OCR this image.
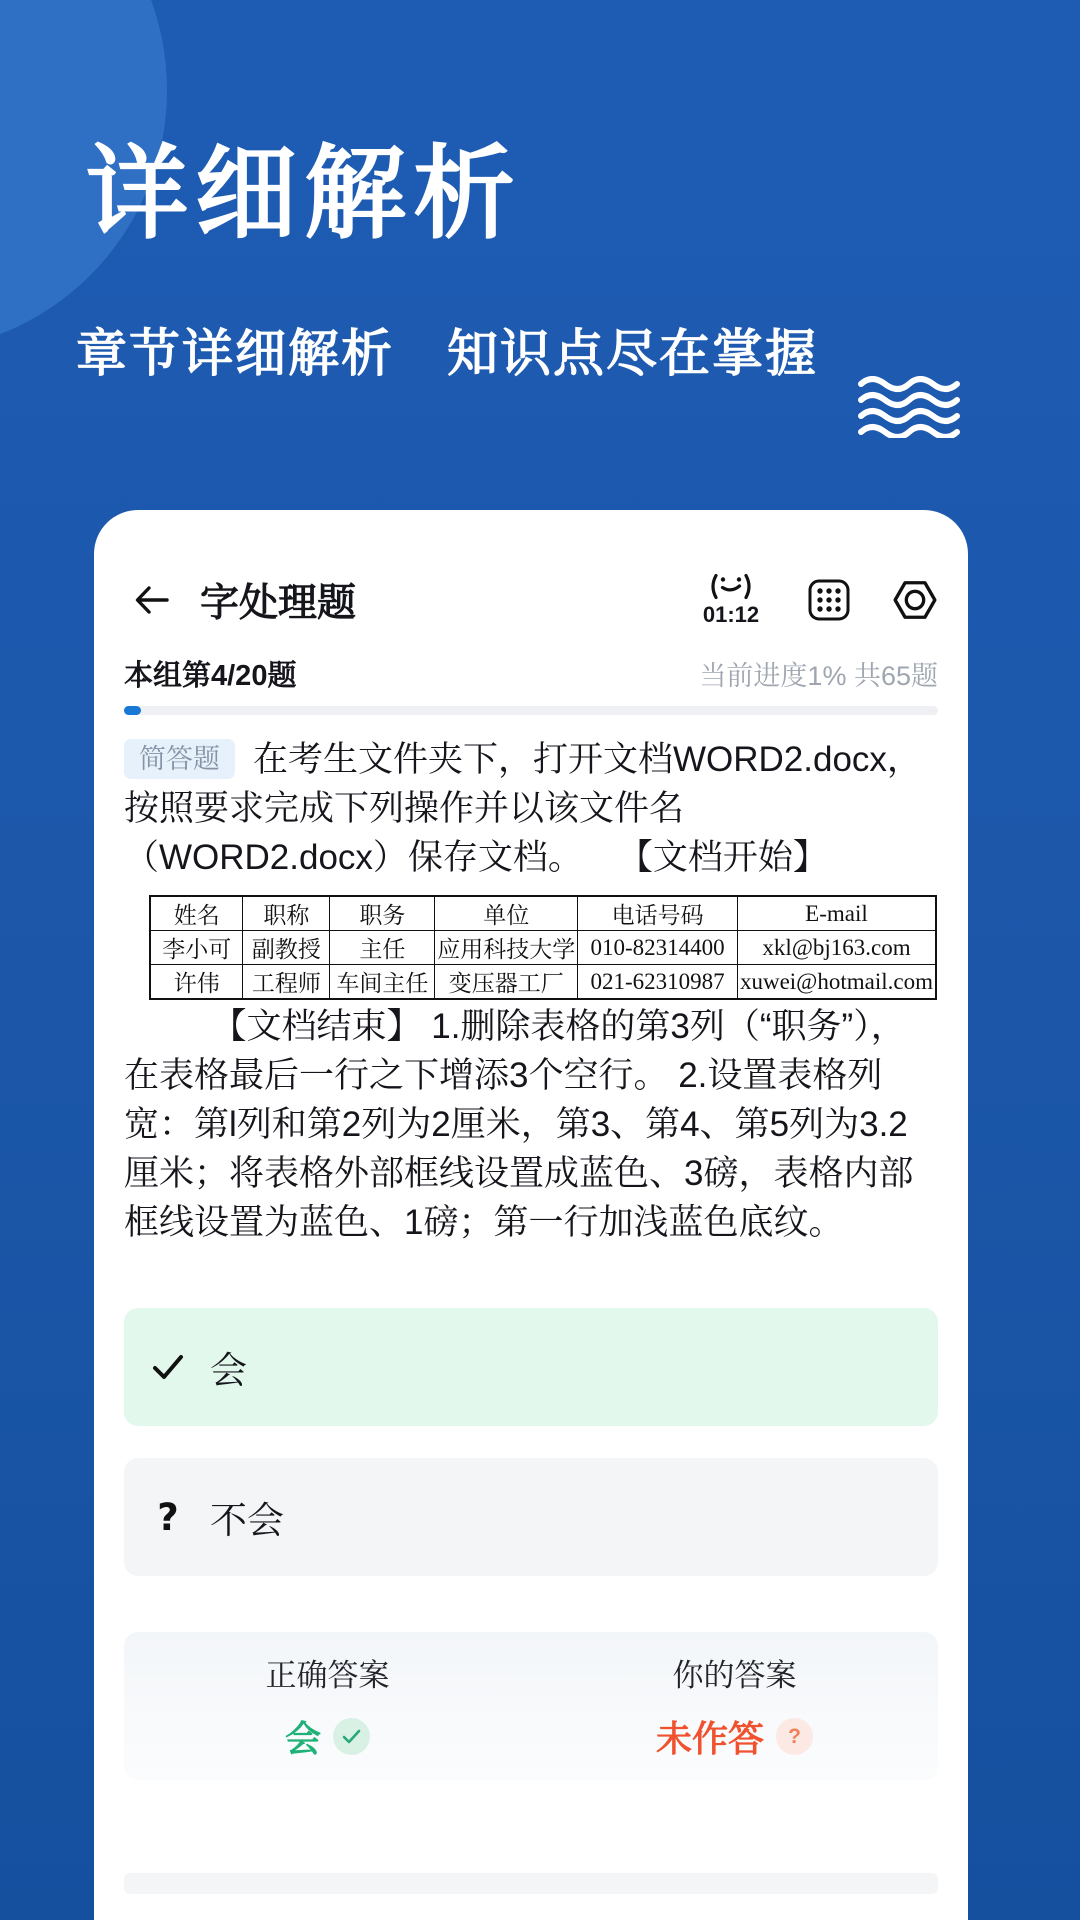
详细解析
章节详细解析　知识点尽在掌握
字处理题	01:12
本组第4/20题	当前进度1% 共65题

简答题 在考生文件夹下，打开文档WORD2.docx，按照要求完成下列操作并以该文件名（WORD2.docx）保存文档。　　【文档开始】

姓名	职称	职务	单位	电话号码	E-mail
李小可	副教授	主任	应用科技大学	010-82314400	xkl@bj163.com
许伟	工程师	车间主任	变压器工厂	021-62310987	xuwei@hotmail.com

【文档结束】 1.删除表格的第3列（“职务”），在表格最后一行之下增添3个空行。 2.设置表格列宽：第l列和第2列为2厘米，第3、第4、第5列为3.2厘米；将表格外部框线设置成蓝色、3磅，表格内部框线设置为蓝色、1磅；第一行加浅蓝色底纹。

会
? 不会
正确答案
会
你的答案
未作答 ?
